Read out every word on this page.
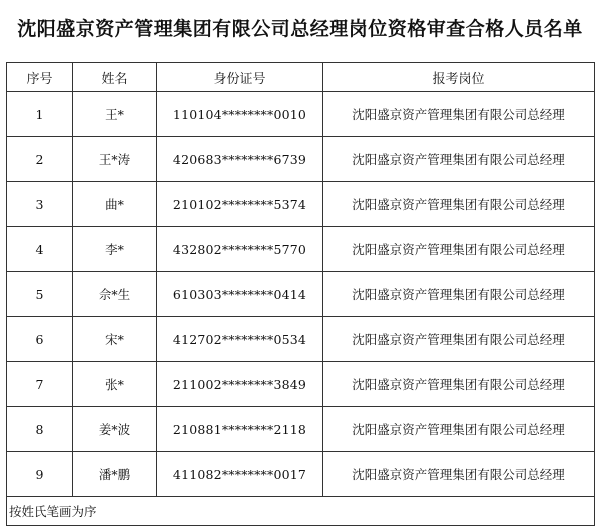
沈阳盛京资产管理集团有限公司总经理岗位资格审查合格人员名单
序号	姓名	身份证号	报考岗位
1	王*	110104********0010	沈阳盛京资产管理集团有限公司总经理
2	王*涛	420683********6739	沈阳盛京资产管理集团有限公司总经理
3	曲*	210102********5374	沈阳盛京资产管理集团有限公司总经理
4	李*	432802********5770	沈阳盛京资产管理集团有限公司总经理
5	佘*生	610303********0414	沈阳盛京资产管理集团有限公司总经理
6	宋*	412702********0534	沈阳盛京资产管理集团有限公司总经理
7	张*	211002********3849	沈阳盛京资产管理集团有限公司总经理
8	姜*波	210881********2118	沈阳盛京资产管理集团有限公司总经理
9	潘*鹏	411082********0017	沈阳盛京资产管理集团有限公司总经理
按姓氏笔画为序			
